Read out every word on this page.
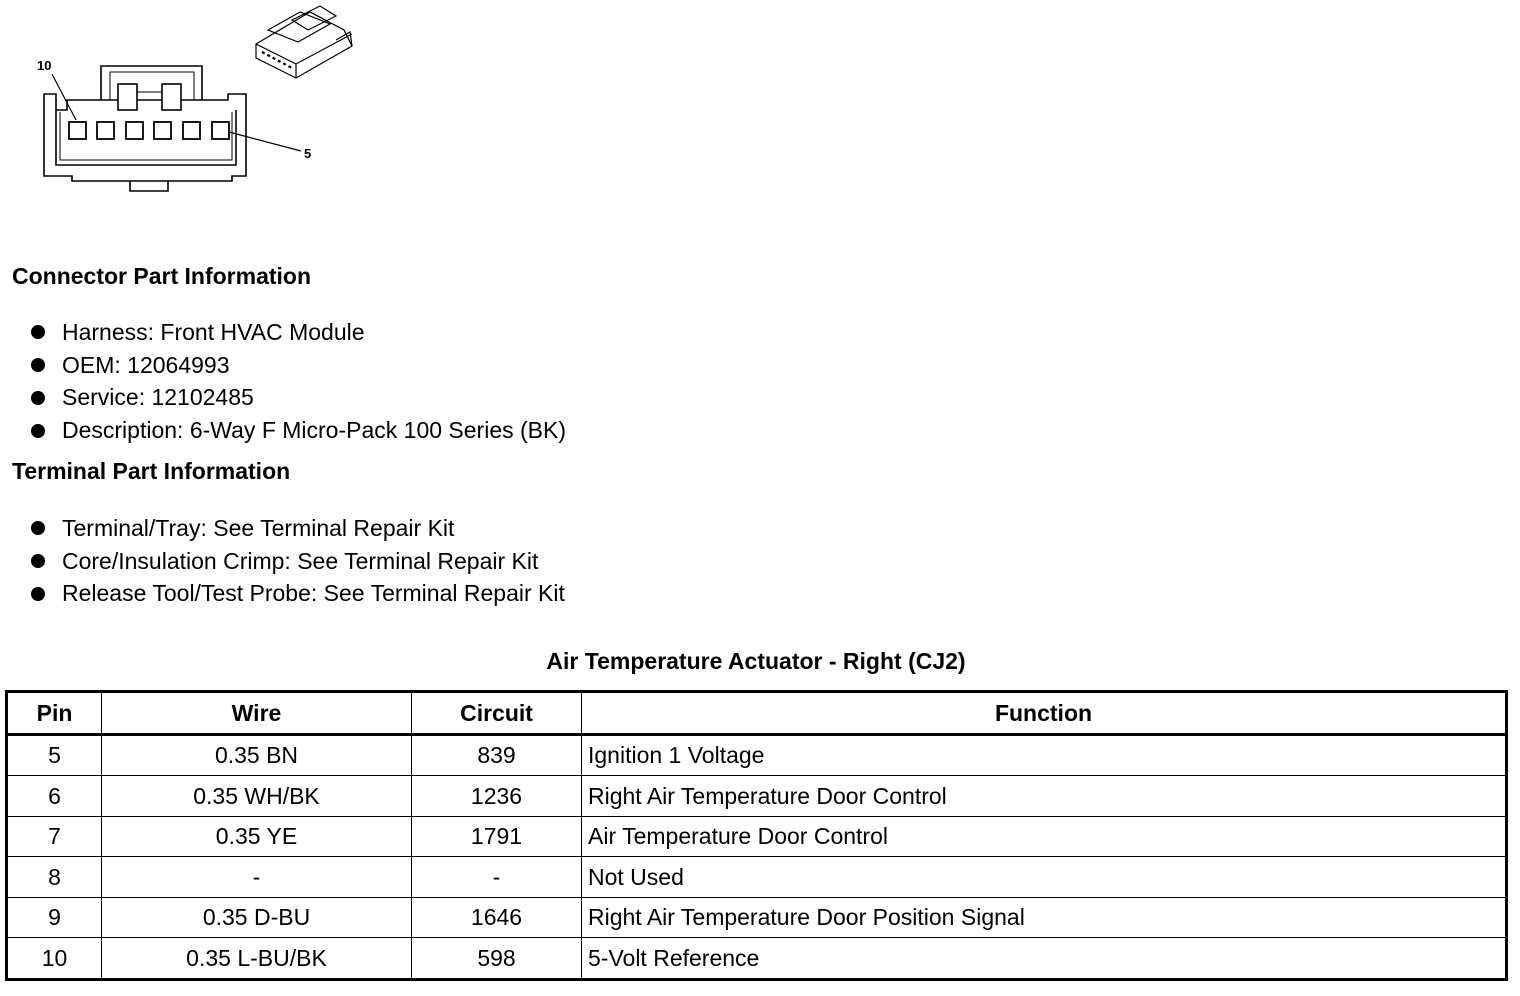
10
5
Connector Part Information
Harness: Front HVAC Module
OEM: 12064993
Service: 12102485
Description: 6-Way F Micro-Pack 100 Series (BK)
Terminal Part Information
Terminal/Tray: See Terminal Repair Kit
Core/Insulation Crimp: See Terminal Repair Kit
Release Tool/Test Probe: See Terminal Repair Kit
Air Temperature Actuator - Right (CJ2)
Pin	Wire	Circuit	Function
5	0.35 BN	839	Ignition 1 Voltage
6	0.35 WH/BK	1236	Right Air Temperature Door Control
7	0.35 YE	1791	Air Temperature Door Control
8	-	-	Not Used
9	0.35 D-BU	1646	Right Air Temperature Door Position Signal
10	0.35 L-BU/BK	598	5-Volt Reference
